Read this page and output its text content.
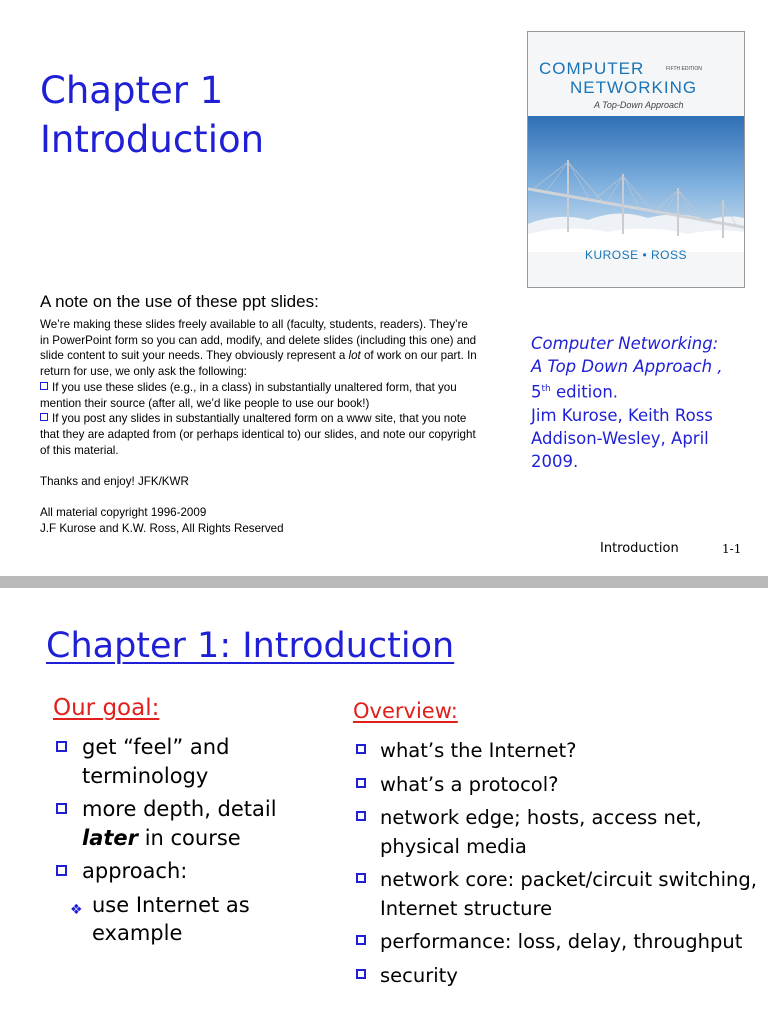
Chapter 1
Introduction
COMPUTER	FIFTH EDITION
NETWORKING
A Top-Down Approach
KUROSE • ROSS
A note on the use of these ppt slides:

We’re making these slides freely available to all (faculty, students, readers). They’re in PowerPoint form so you can add, modify, and delete slides (including this one) and slide content to suit your needs. They obviously represent a lot of work on our part. In return for use, we only ask the following:

If you use these slides (e.g., in a class) in substantially unaltered form, that you mention their source (after all, we’d like people to use our book!)

If you post any slides in substantially unaltered form on a www site, that you note that they are adapted from (or perhaps identical to) our slides, and note our copyright of this material.

Thanks and enjoy! JFK/KWR

All material copyright 1996-2009

J.F Kurose and K.W. Ross, All Rights Reserved

Computer Networking:
A Top Down Approach ,
5th edition.
Jim Kurose, Keith Ross
Addison-Wesley, April 2009.
Introduction	1-1
Chapter 1: Introduction
Our goal:
get “feel” and terminology
more depth, detail later in course
approach:
❖ use Internet as example
Overview:
what’s the Internet?
what’s a protocol?
network edge; hosts, access net, physical media
network core: packet/circuit switching, Internet structure
performance: loss, delay, throughput
security
